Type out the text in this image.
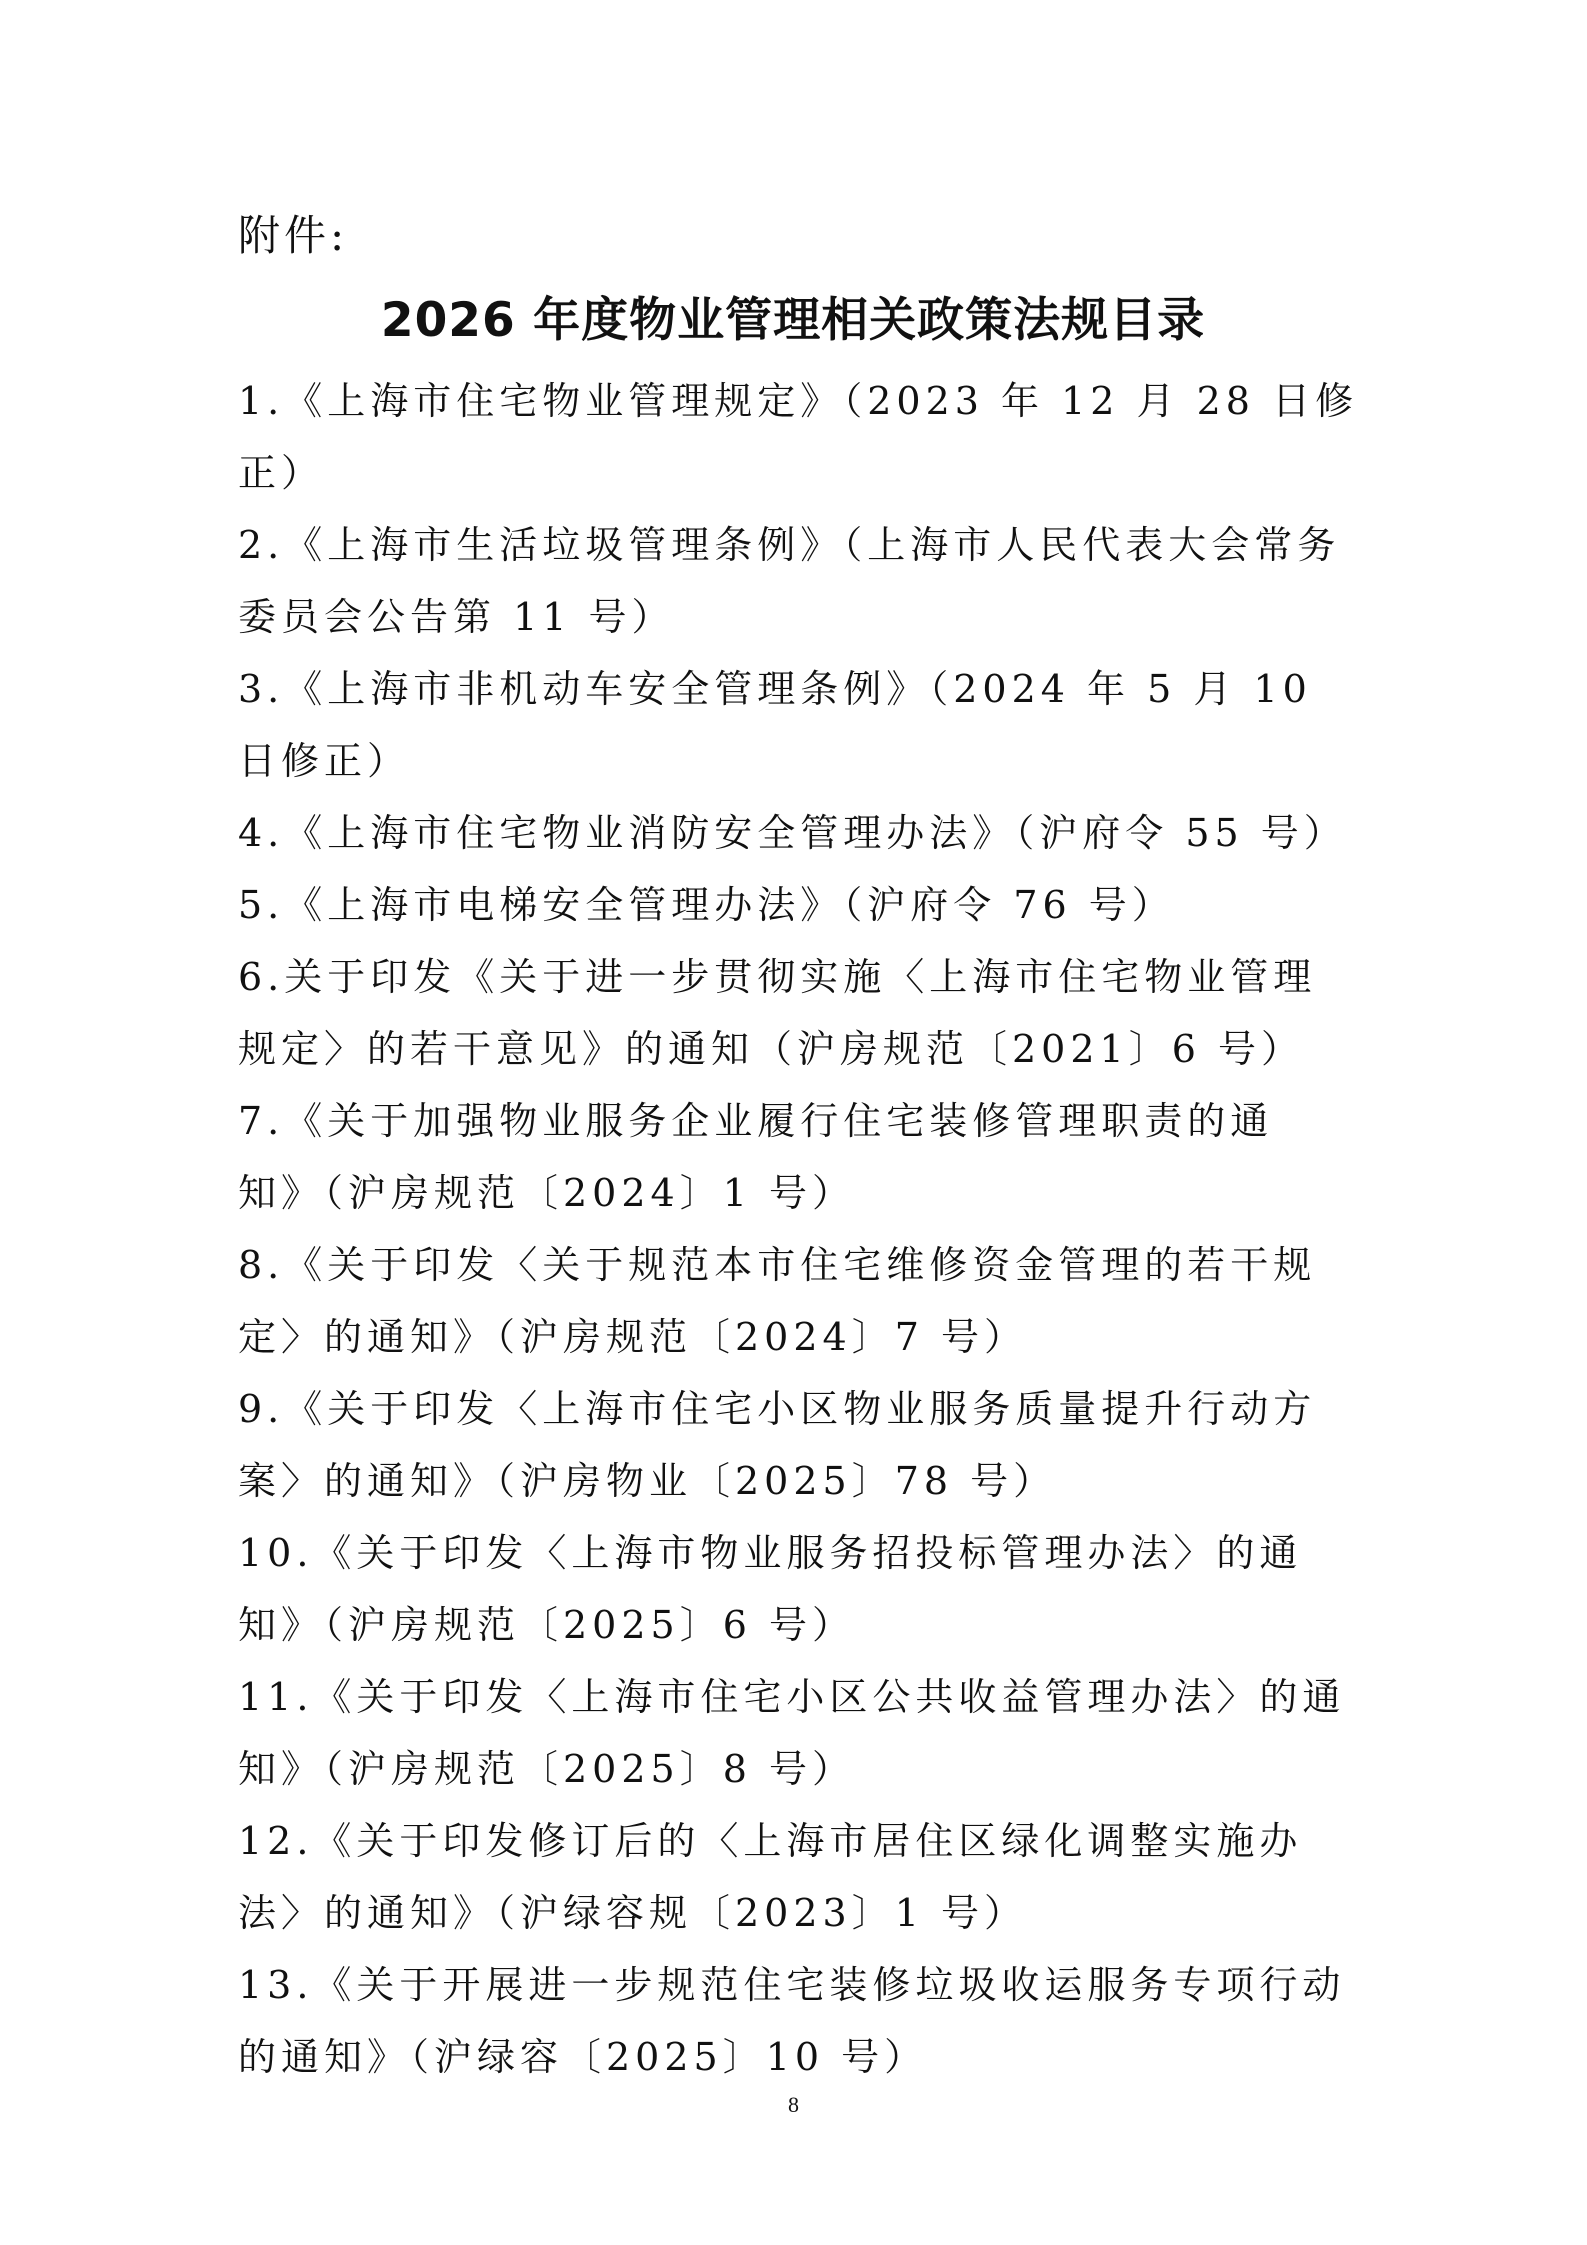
附件:

2026 年度物业管理相关政策法规目录
1.《上海市住宅物业管理规定》（2023 年 12 月 28 日修正）
2.《上海市生活垃圾管理条例》（上海市人民代表大会常务
委员会公告第 11 号）
3.《上海市非机动车安全管理条例》（2024 年 5 月 10 日修正）
4.《上海市住宅物业消防安全管理办法》（沪府令 55 号）
5.《上海市电梯安全管理办法》（沪府令 76 号）
6.关于印发《关于进一步贯彻实施〈上海市住宅物业管理
规定〉的若干意见》的通知（沪房规范〔2021〕6 号）
7.《关于加强物业服务企业履行住宅装修管理职责的通
知》（沪房规范〔2024〕1 号）
8.《关于印发〈关于规范本市住宅维修资金管理的若干规
定〉的通知》（沪房规范〔2024〕7 号）
9.《关于印发〈上海市住宅小区物业服务质量提升行动方
案〉的通知》（沪房物业〔2025〕78 号）
10.《关于印发〈上海市物业服务招投标管理办法〉的通
知》（沪房规范〔2025〕6 号）
11.《关于印发〈上海市住宅小区公共收益管理办法〉的通
知》（沪房规范〔2025〕8 号）
12.《关于印发修订后的〈上海市居住区绿化调整实施办
法〉的通知》（沪绿容规〔2023〕1 号）
13.《关于开展进一步规范住宅装修垃圾收运服务专项行动
的通知》（沪绿容〔2025〕10 号）

8
